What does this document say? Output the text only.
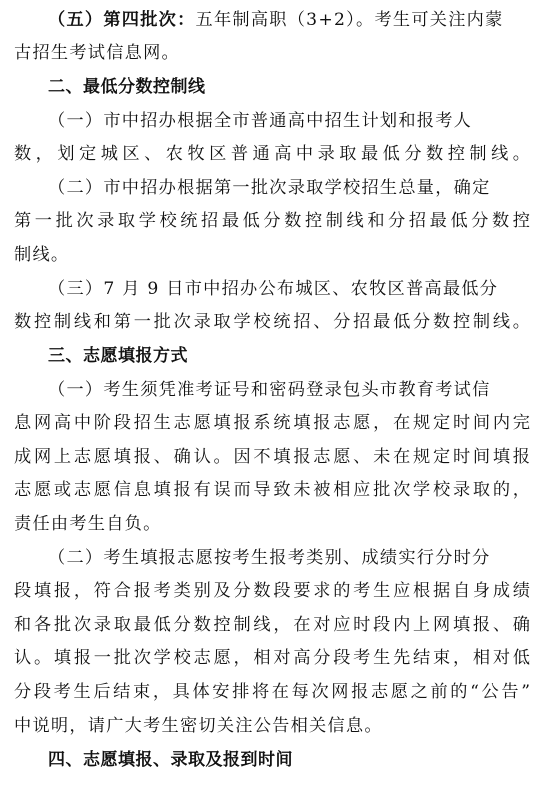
（五）第四批次：五年制高职（3+2）。考生可关注内蒙
古招生考试信息网。
二、最低分数控制线
（一）市中招办根据全市普通高中招生计划和报考人
数，划定城区、农牧区普通高中录取最低分数控制线。
（二）市中招办根据第一批次录取学校招生总量，确定
第一批次录取学校统招最低分数控制线和分招最低分数控
制线。
（三）7 月 9 日市中招办公布城区、农牧区普高最低分
数控制线和第一批次录取学校统招、分招最低分数控制线。
三、志愿填报方式
（一）考生须凭准考证号和密码登录包头市教育考试信
息网高中阶段招生志愿填报系统填报志愿，在规定时间内完
成网上志愿填报、确认。因不填报志愿、未在规定时间填报
志愿或志愿信息填报有误而导致未被相应批次学校录取的，
责任由考生自负。
（二）考生填报志愿按考生报考类别、成绩实行分时分
段填报，符合报考类别及分数段要求的考生应根据自身成绩
和各批次录取最低分数控制线，在对应时段内上网填报、确
认。填报一批次学校志愿，相对高分段考生先结束，相对低
分段考生后结束，具体安排将在每次网报志愿之前的“公告”
中说明，请广大考生密切关注公告相关信息。
四、志愿填报、录取及报到时间
